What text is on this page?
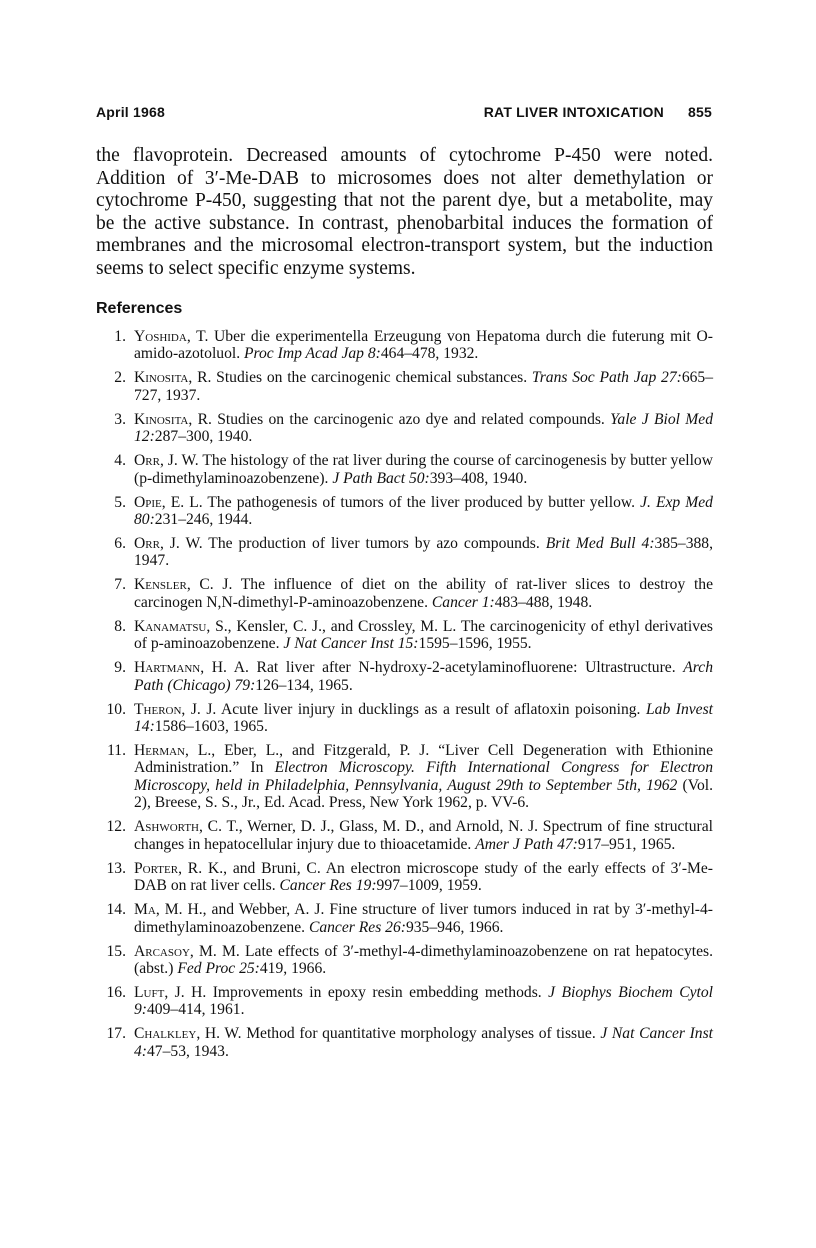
April 1968	RAT LIVER INTOXICATION 855

the flavoprotein. Decreased amounts of cytochrome P-450 were noted. Addition of 3′-Me-DAB to microsomes does not alter demethylation or cytochrome P-450, suggesting that not the parent dye, but a metabolite, may be the active substance. In contrast, phenobarbital induces the formation of membranes and the microsomal electron-transport system, but the induction seems to select specific enzyme systems.

References
1. Yoshida, T. Uber die experimentella Erzeugung von Hepatoma durch die futerung mit O-amido-azotoluol. Proc Imp Acad Jap 8:464–478, 1932.
2. Kinosita, R. Studies on the carcinogenic chemical substances. Trans Soc Path Jap 27:665–727, 1937.
3. Kinosita, R. Studies on the carcinogenic azo dye and related compounds. Yale J Biol Med 12:287–300, 1940.
4. Orr, J. W. The histology of the rat liver during the course of carcinogenesis by butter yellow (p-dimethylaminoazobenzene). J Path Bact 50:393–408, 1940.
5. Opie, E. L. The pathogenesis of tumors of the liver produced by butter yellow. J. Exp Med 80:231–246, 1944.
6. Orr, J. W. The production of liver tumors by azo compounds. Brit Med Bull 4:385–388, 1947.
7. Kensler, C. J. The influence of diet on the ability of rat-liver slices to destroy the carcinogen N,N-dimethyl-P-aminoazobenzene. Cancer 1:483–488, 1948.
8. Kanamatsu, S., Kensler, C. J., and Crossley, M. L. The carcinogenicity of ethyl derivatives of p-aminoazobenzene. J Nat Cancer Inst 15:1595–1596, 1955.
9. Hartmann, H. A. Rat liver after N-hydroxy-2-acetylaminofluorene: Ultrastructure. Arch Path (Chicago) 79:126–134, 1965.
10. Theron, J. J. Acute liver injury in ducklings as a result of aflatoxin poisoning. Lab Invest 14:1586–1603, 1965.
11. Herman, L., Eber, L., and Fitzgerald, P. J. “Liver Cell Degeneration with Ethionine Administration.” In Electron Microscopy. Fifth International Congress for Electron Microscopy, held in Philadelphia, Pennsylvania, August 29th to September 5th, 1962 (Vol. 2), Breese, S. S., Jr., Ed. Acad. Press, New York 1962, p. VV-6.
12. Ashworth, C. T., Werner, D. J., Glass, M. D., and Arnold, N. J. Spectrum of fine structural changes in hepatocellular injury due to thioacetamide. Amer J Path 47:917–951, 1965.
13. Porter, R. K., and Bruni, C. An electron microscope study of the early effects of 3′-Me-DAB on rat liver cells. Cancer Res 19:997–1009, 1959.
14. Ma, M. H., and Webber, A. J. Fine structure of liver tumors induced in rat by 3′-methyl-4-dimethylaminoazobenzene. Cancer Res 26:935–946, 1966.
15. Arcasoy, M. M. Late effects of 3′-methyl-4-dimethylaminoazobenzene on rat hepatocytes. (abst.) Fed Proc 25:419, 1966.
16. Luft, J. H. Improvements in epoxy resin embedding methods. J Biophys Biochem Cytol 9:409–414, 1961.
17. Chalkley, H. W. Method for quantitative morphology analyses of tissue. J Nat Cancer Inst 4:47–53, 1943.
